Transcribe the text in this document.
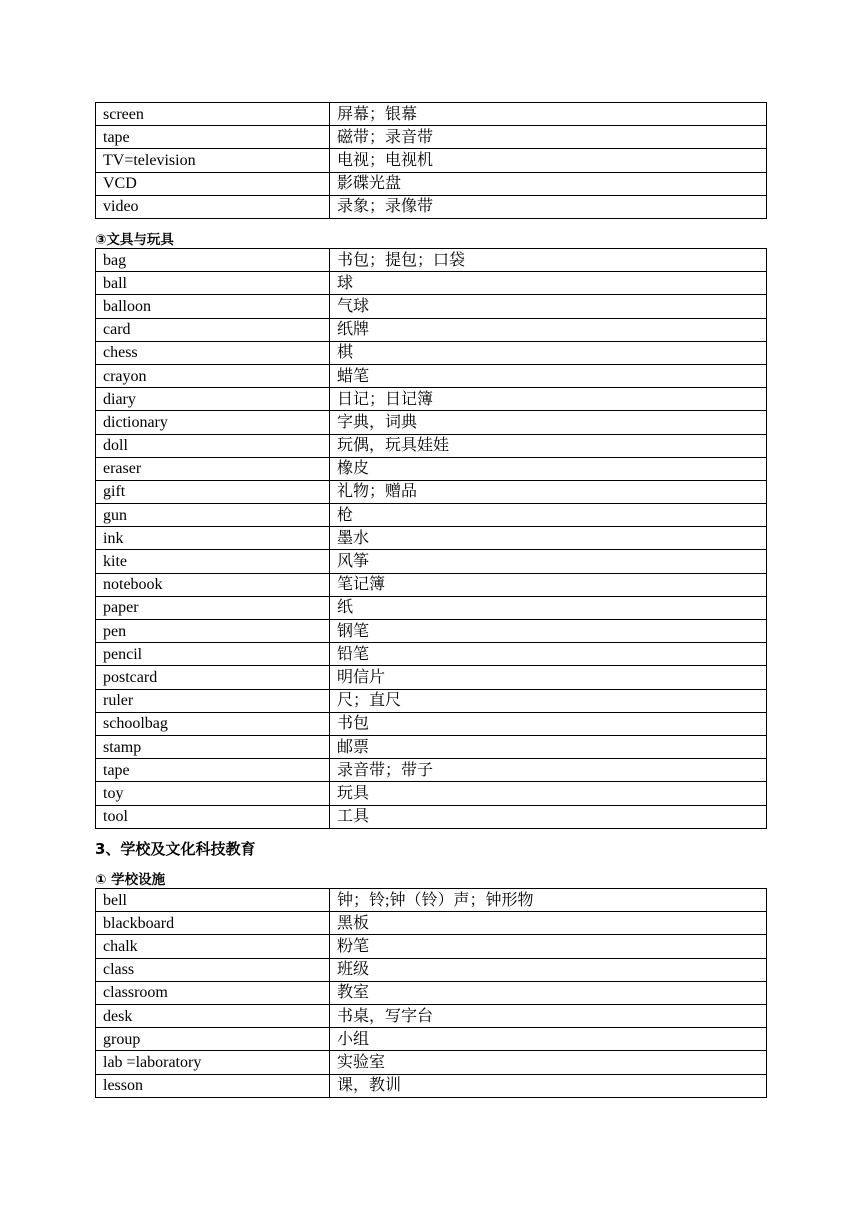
screen	屏幕；银幕
tape	磁带；录音带
TV=television	电视；电视机
VCD	影碟光盘
video	录象；录像带
③文具与玩具
bag	书包；提包；口袋
ball	球
balloon	气球
card	纸牌
chess	棋
crayon	蜡笔
diary	日记；日记簿
dictionary	字典，词典
doll	玩偶，玩具娃娃
eraser	橡皮
gift	礼物；赠品
gun	枪
ink	墨水
kite	风筝
notebook	笔记簿
paper	纸
pen	钢笔
pencil	铅笔
postcard	明信片
ruler	尺；直尺
schoolbag	书包
stamp	邮票
tape	录音带；带子
toy	玩具
tool	工具
3、学校及文化科技教育
① 学校设施
bell	钟；铃;钟（铃）声；钟形物
blackboard	黑板
chalk	粉笔
class	班级
classroom	教室
desk	书桌，写字台
group	小组
lab =laboratory	实验室
lesson	课，教训
